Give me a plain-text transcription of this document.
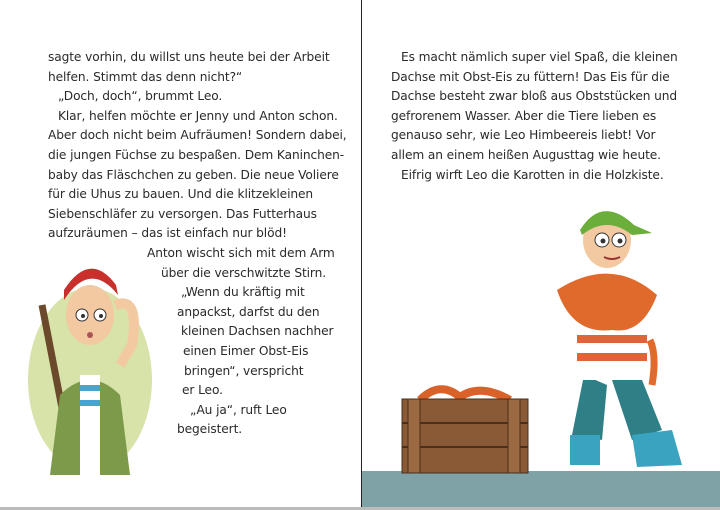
sagte vorhin, du willst uns heute bei der Arbeit
helfen. Stimmt das denn nicht?“
„Doch, doch“, brummt Leo.
Klar, helfen möchte er Jenny und Anton schon.
Aber doch nicht beim Aufräumen! Sondern dabei,
die jungen Füchse zu bespaßen. Dem Kaninchen-
baby das Fläschchen zu geben. Die neue Voliere
für die Uhus zu bauen. Und die klitzekleinen
Siebenschläfer zu versorgen. Das Futterhaus
aufzuräumen – das ist einfach nur blöd!
Anton wischt sich mit dem Arm
über die verschwitzte Stirn.
„Wenn du kräftig mit
anpackst, darfst du den
kleinen Dachsen nachher
einen Eimer Obst-Eis
bringen“, verspricht
er Leo.
„Au ja“, ruft Leo
begeistert.
Es macht nämlich super viel Spaß, die kleinen
Dachse mit Obst-Eis zu füttern! Das Eis für die
Dachse besteht zwar bloß aus Obststücken und
gefrorenem Wasser. Aber die Tiere lieben es
genauso sehr, wie Leo Himbeereis liebt! Vor
allem an einem heißen Augusttag wie heute.
Eifrig wirft Leo die Karotten in die Holzkiste.
